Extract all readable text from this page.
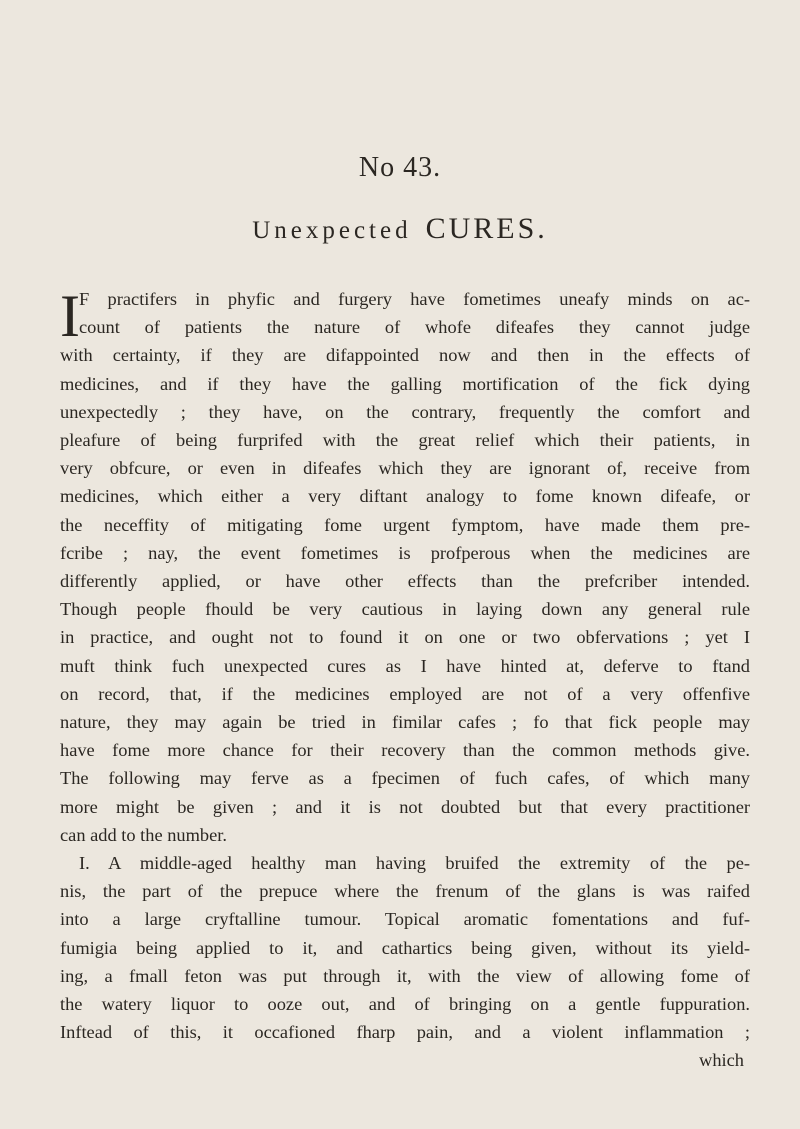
No 43.
Unexpected CURES.
I F practifers in phyfic and furgery have fometimes uneafy minds on ac-
count of patients the nature of whofe difeafes they cannot judge
with certainty, if they are difappointed now and then in the effects of
medicines, and if they have the galling mortification of the fick dying
unexpectedly ; they have, on the contrary, frequently the comfort and
pleafure of being furprifed with the great relief which their patients, in
very obfcure, or even in difeafes which they are ignorant of, receive from
medicines, which either a very diftant analogy to fome known difeafe, or
the neceffity of mitigating fome urgent fymptom, have made them pre-
fcribe ; nay, the event fometimes is profperous when the medicines are
differently applied, or have other effects than the prefcriber intended.
Though people fhould be very cautious in laying down any general rule
in practice, and ought not to found it on one or two obfervations ; yet I
muft think fuch unexpected cures as I have hinted at, deferve to ftand
on record, that, if the medicines employed are not of a very offenfive
nature, they may again be tried in fimilar cafes ; fo that fick people may
have fome more chance for their recovery than the common methods give.
The following may ferve as a fpecimen of fuch cafes, of which many
more might be given ; and it is not doubted but that every practitioner
can add to the number.
I. A middle-aged healthy man having bruifed the extremity of the pe-
nis, the part of the prepuce where the frenum of the glans is was raifed
into a large cryftalline tumour. Topical aromatic fomentations and fuf-
fumigia being applied to it, and cathartics being given, without its yield-
ing, a fmall feton was put through it, with the view of allowing fome of
the watery liquor to ooze out, and of bringing on a gentle fuppuration.
Inftead of this, it occafioned fharp pain, and a violent inflammation ;
which
